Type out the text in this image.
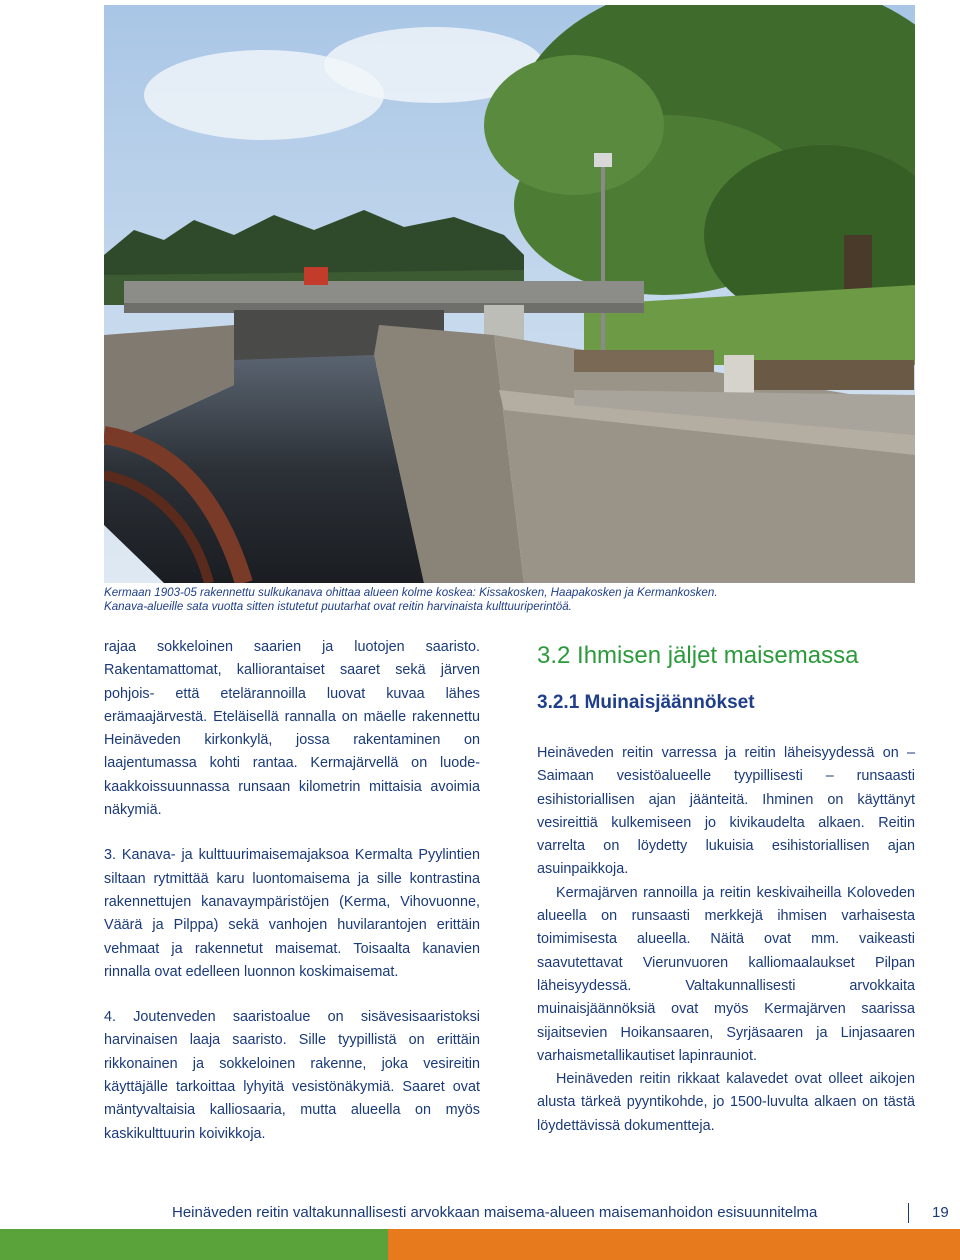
Kermaan 1903-05 rakennettu sulkukanava ohittaa alueen kolme koskea: Kissakosken, Haapakosken ja Kermankosken.

Kanava-alueille sata vuotta sitten istutetut puutarhat ovat reitin harvinaista kulttuuriperintöä.

rajaa sokkeloinen saarien ja luotojen saaristo. Rakentamattomat, kalliorantaiset saaret sekä järven pohjois- että etelärannoilla luovat kuvaa lähes erämaajärvestä. Eteläisellä rannalla on mäelle rakennettu Heinäveden kirkonkylä, jossa rakentaminen on laajentumassa kohti rantaa. Kermajärvellä on luode-kaakkoissuunnassa runsaan kilometrin mittaisia avoimia näkymiä.

3. Kanava- ja kulttuurimaisemajaksoa Kermalta Pyylintien siltaan rytmittää karu luontomaisema ja sille kontrastina rakennettujen kanavaympäristöjen (Kerma, Vihovuonne, Väärä ja Pilppa) sekä vanhojen huvilarantojen erittäin vehmaat ja rakennetut maisemat. Toisaalta kanavien rinnalla ovat edelleen luonnon koskimaisemat.

4. Joutenveden saaristoalue on sisävesisaaristoksi harvinaisen laaja saaristo. Sille tyypillistä on erittäin rikkonainen ja sokkeloinen rakenne, joka vesireitin käyttäjälle tarkoittaa lyhyitä vesistönäkymiä. Saaret ovat mäntyvaltaisia kalliosaaria, mutta alueella on myös kaskikulttuurin koivikkoja.

3.2 Ihmisen jäljet maisemassa
3.2.1 Muinaisjäännökset

Heinäveden reitin varressa ja reitin läheisyydessä on – Saimaan vesistöalueelle tyypillisesti – runsaasti esihistoriallisen ajan jäänteitä. Ihminen on käyttänyt vesireittiä kulkemiseen jo kivikaudelta alkaen. Reitin varrelta on löydetty lukuisia esihistoriallisen ajan asuinpaikkoja.

Kermajärven rannoilla ja reitin keskivaiheilla Koloveden alueella on runsaasti merkkejä ihmisen varhaisesta toimimisesta alueella. Näitä ovat mm. vaikeasti saavutettavat Vierunvuoren kalliomaalaukset Pilpan läheisyydessä. Valtakunnallisesti arvokkaita muinaisjäännöksiä ovat myös Kermajärven saarissa sijaitsevien Hoikansaaren, Syrjäsaaren ja Linjasaaren varhaismetallikautiset lapinrauniot.

Heinäveden reitin rikkaat kalavedet ovat olleet aikojen alusta tärkeä pyyntikohde, jo 1500-luvulta alkaen on tästä löydettävissä dokumentteja.

Heinäveden reitin valtakunnallisesti arvokkaan maisema-alueen maisemanhoidon esisuunnitelma	19
